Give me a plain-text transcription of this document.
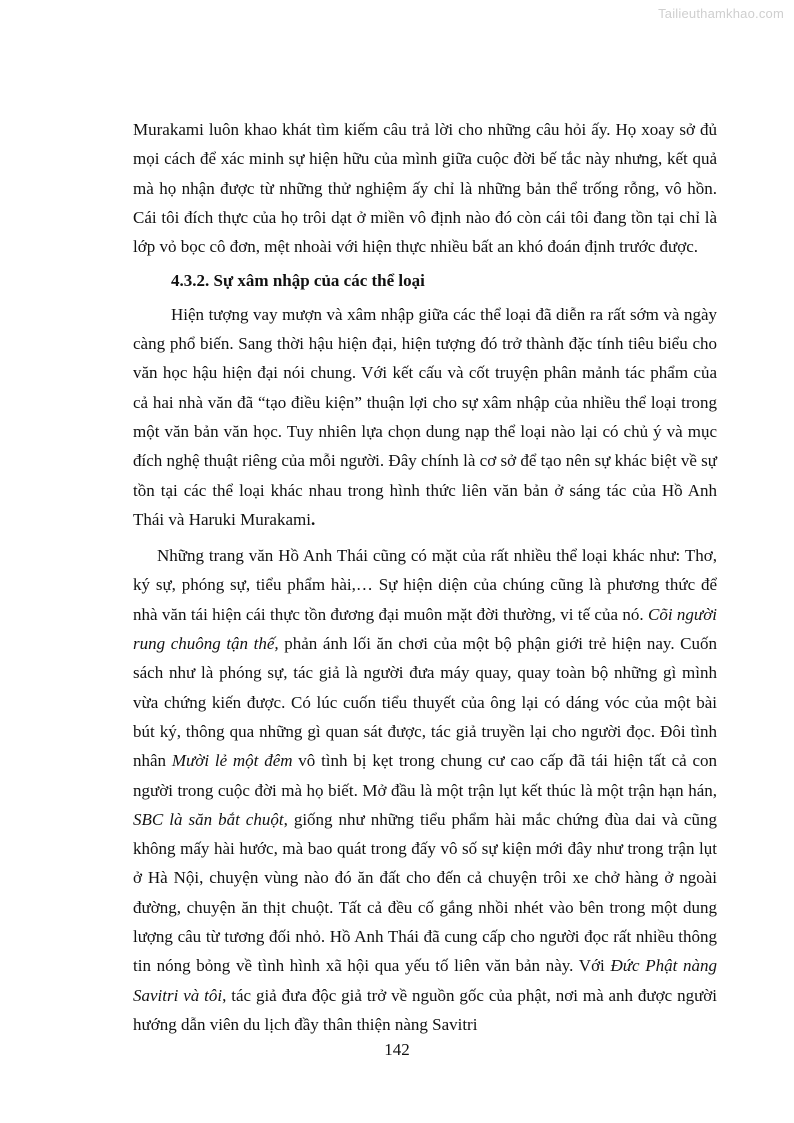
Tailieuthamkhao.com

Murakami luôn khao khát tìm kiếm câu trả lời cho những câu hỏi ấy. Họ xoay sở đủ mọi cách để xác minh sự hiện hữu của mình giữa cuộc đời bế tắc này nhưng, kết quả mà họ nhận được từ những thử nghiệm ấy chỉ là những bản thể trống rỗng, vô hồn. Cái tôi đích thực của họ trôi dạt ở miền vô định nào đó còn cái tôi đang tồn tại chỉ là lớp vỏ bọc cô đơn, mệt nhoài với hiện thực nhiều bất an khó đoán định trước được.

4.3.2. Sự xâm nhập của các thể loại

Hiện tượng vay mượn và xâm nhập giữa các thể loại đã diễn ra rất sớm và ngày càng phổ biến. Sang thời hậu hiện đại, hiện tượng đó trở thành đặc tính tiêu biểu cho văn học hậu hiện đại nói chung. Với kết cấu và cốt truyện phân mảnh tác phẩm của cả hai nhà văn đã “tạo điều kiện” thuận lợi cho sự xâm nhập của nhiều thể loại trong một văn bản văn học. Tuy nhiên lựa chọn dung nạp thể loại nào lại có chủ ý và mục đích nghệ thuật riêng của mỗi người. Đây chính là cơ sở để tạo nên sự khác biệt về sự tồn tại các thể loại khác nhau trong hình thức liên văn bản ở sáng tác của Hồ Anh Thái và Haruki Murakami.

Những trang văn Hồ Anh Thái cũng có mặt của rất nhiều thể loại khác như: Thơ, ký sự, phóng sự, tiểu phẩm hài,… Sự hiện diện của chúng cũng là phương thức để nhà văn tái hiện cái thực tồn đương đại muôn mặt đời thường, vi tế của nó. Cõi người rung chuông tận thế, phản ánh lối ăn chơi của một bộ phận giới trẻ hiện nay. Cuốn sách như là phóng sự, tác giả là người đưa máy quay, quay toàn bộ những gì mình vừa chứng kiến được. Có lúc cuốn tiểu thuyết của ông lại có dáng vóc của một bài bút ký, thông qua những gì quan sát được, tác giả truyền lại cho người đọc. Đôi tình nhân Mười lẻ một đêm vô tình bị kẹt trong chung cư cao cấp đã tái hiện tất cả con người trong cuộc đời mà họ biết. Mở đầu là một trận lụt kết thúc là một trận hạn hán, SBC là săn bắt chuột, giống như những tiểu phẩm hài mắc chứng đùa dai và cũng không mấy hài hước, mà bao quát trong đấy vô số sự kiện mới đây như trong trận lụt ở Hà Nội, chuyện vùng nào đó ăn đất cho đến cả chuyện trôi xe chở hàng ở ngoài đường, chuyện ăn thịt chuột. Tất cả đều cố gắng nhồi nhét vào bên trong một dung lượng câu từ tương đối nhỏ. Hồ Anh Thái đã cung cấp cho người đọc rất nhiều thông tin nóng bỏng về tình hình xã hội qua yếu tố liên văn bản này. Với Đức Phật nàng Savitri và tôi, tác giả đưa độc giả trở về nguồn gốc của phật, nơi mà anh được người hướng dẫn viên du lịch đầy thân thiện nàng Savitri

142
